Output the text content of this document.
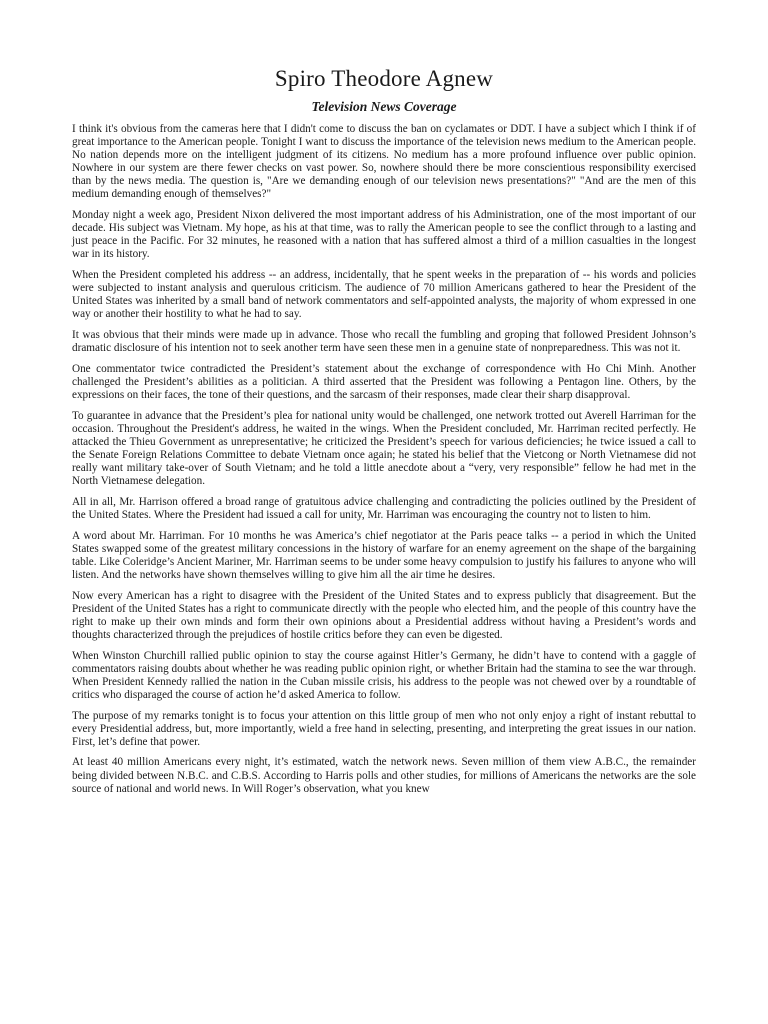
Spiro Theodore Agnew
Television News Coverage

I think it's obvious from the cameras here that I didn't come to discuss the ban on cyclamates or DDT. I have a subject which I think if of great importance to the American people. Tonight I want to discuss the importance of the television news medium to the American people. No nation depends more on the intelligent judgment of its citizens. No medium has a more profound influence over public opinion. Nowhere in our system are there fewer checks on vast power. So, nowhere should there be more conscientious responsibility exercised than by the news media. The question is, "Are we demanding enough of our television news presentations?" "And are the men of this medium demanding enough of themselves?"

Monday night a week ago, President Nixon delivered the most important address of his Administration, one of the most important of our decade. His subject was Vietnam. My hope, as his at that time, was to rally the American people to see the conflict through to a lasting and just peace in the Pacific. For 32 minutes, he reasoned with a nation that has suffered almost a third of a million casualties in the longest war in its history.

When the President completed his address -- an address, incidentally, that he spent weeks in the preparation of -- his words and policies were subjected to instant analysis and querulous criticism. The audience of 70 million Americans gathered to hear the President of the United States was inherited by a small band of network commentators and self-appointed analysts, the majority of whom expressed in one way or another their hostility to what he had to say.

It was obvious that their minds were made up in advance. Those who recall the fumbling and groping that followed President Johnson’s dramatic disclosure of his intention not to seek another term have seen these men in a genuine state of nonpreparedness. This was not it.

One commentator twice contradicted the President’s statement about the exchange of correspondence with Ho Chi Minh. Another challenged the President’s abilities as a politician. A third asserted that the President was following a Pentagon line. Others, by the expressions on their faces, the tone of their questions, and the sarcasm of their responses, made clear their sharp disapproval.

To guarantee in advance that the President’s plea for national unity would be challenged, one network trotted out Averell Harriman for the occasion. Throughout the President's address, he waited in the wings. When the President concluded, Mr. Harriman recited perfectly. He attacked the Thieu Government as unrepresentative; he criticized the President’s speech for various deficiencies; he twice issued a call to the Senate Foreign Relations Committee to debate Vietnam once again; he stated his belief that the Vietcong or North Vietnamese did not really want military take-over of South Vietnam; and he told a little anecdote about a “very, very responsible” fellow he had met in the North Vietnamese delegation.

All in all, Mr. Harrison offered a broad range of gratuitous advice challenging and contradicting the policies outlined by the President of the United States. Where the President had issued a call for unity, Mr. Harriman was encouraging the country not to listen to him.

A word about Mr. Harriman. For 10 months he was America’s chief negotiator at the Paris peace talks -- a period in which the United States swapped some of the greatest military concessions in the history of warfare for an enemy agreement on the shape of the bargaining table. Like Coleridge’s Ancient Mariner, Mr. Harriman seems to be under some heavy compulsion to justify his failures to anyone who will listen. And the networks have shown themselves willing to give him all the air time he desires.

Now every American has a right to disagree with the President of the United States and to express publicly that disagreement. But the President of the United States has a right to communicate directly with the people who elected him, and the people of this country have the right to make up their own minds and form their own opinions about a Presidential address without having a President’s words and thoughts characterized through the prejudices of hostile critics before they can even be digested.

When Winston Churchill rallied public opinion to stay the course against Hitler’s Germany, he didn’t have to contend with a gaggle of commentators raising doubts about whether he was reading public opinion right, or whether Britain had the stamina to see the war through. When President Kennedy rallied the nation in the Cuban missile crisis, his address to the people was not chewed over by a roundtable of critics who disparaged the course of action he’d asked America to follow.

The purpose of my remarks tonight is to focus your attention on this little group of men who not only enjoy a right of instant rebuttal to every Presidential address, but, more importantly, wield a free hand in selecting, presenting, and interpreting the great issues in our nation. First, let’s define that power.

At least 40 million Americans every night, it’s estimated, watch the network news. Seven million of them view A.B.C., the remainder being divided between N.B.C. and C.B.S. According to Harris polls and other studies, for millions of Americans the networks are the sole source of national and world news. In Will Roger’s observation, what you knew
